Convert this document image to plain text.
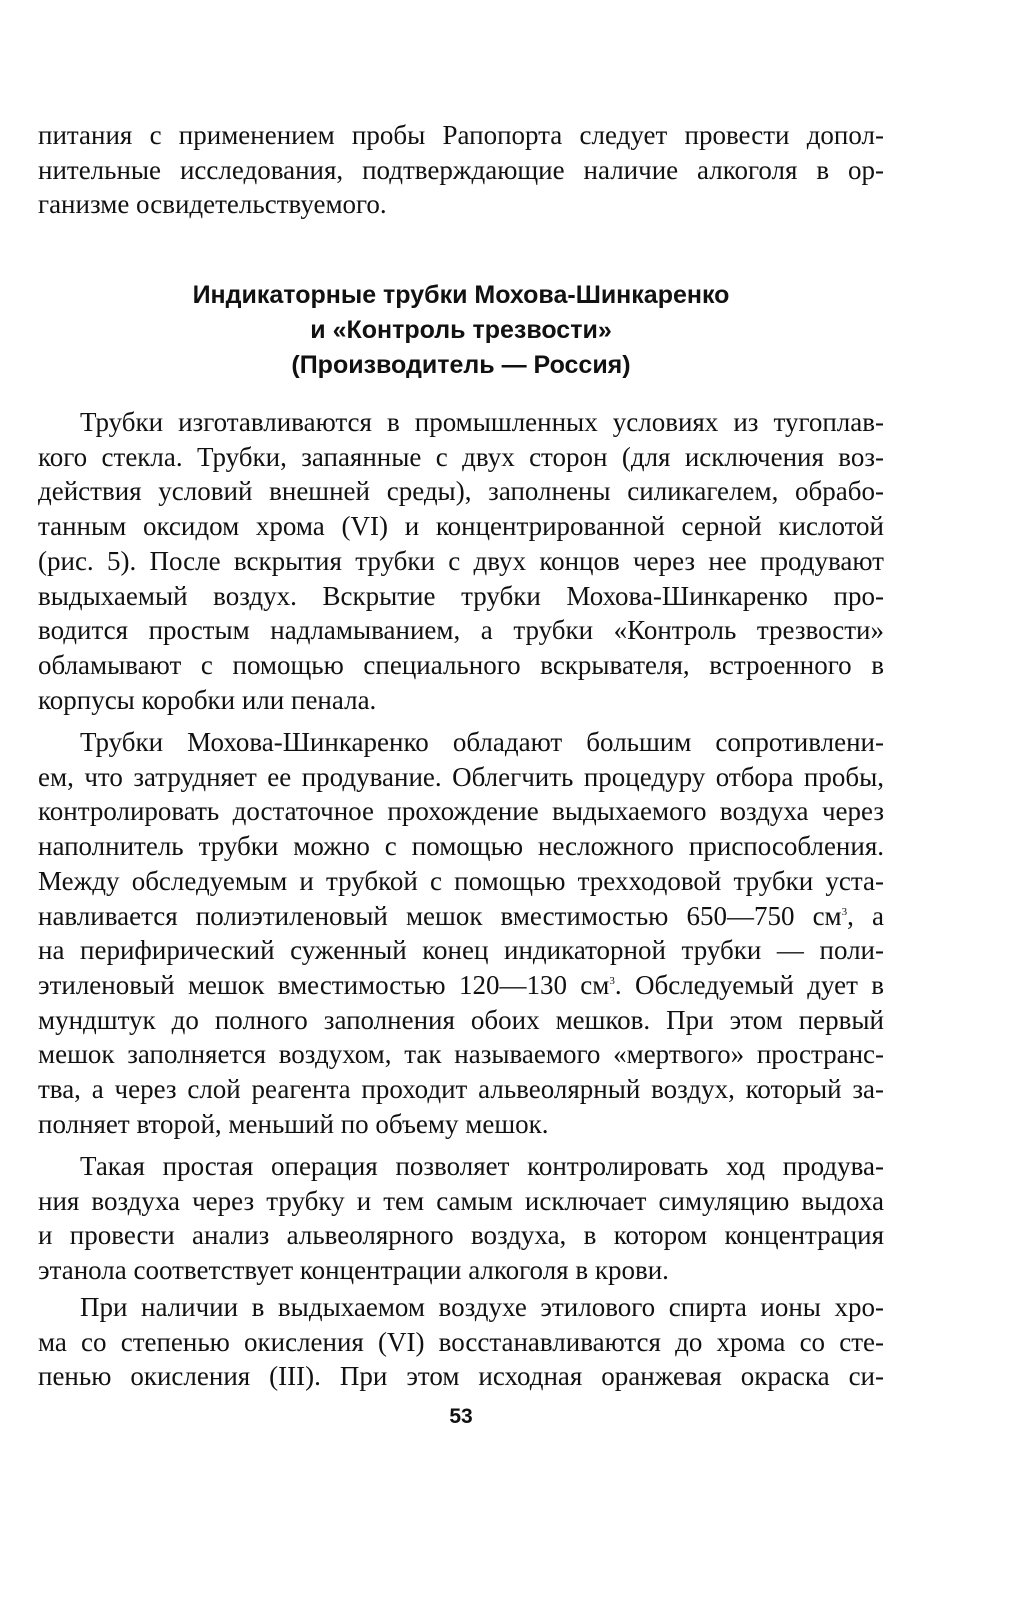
питания с применением пробы Рапопорта следует провести допол-
нительные исследования, подтверждающие наличие алкоголя в ор-
ганизме освидетельствуемого.
Индикаторные трубки Мохова-Шинкаренко
и «Контроль трезвости»
(Производитель — Россия)
Трубки изготавливаются в промышленных условиях из тугоплав-
кого стекла. Трубки, запаянные с двух сторон (для исключения воз-
действия условий внешней среды), заполнены силикагелем, обрабо-
танным оксидом хрома (VI) и концентрированной серной кислотой
(рис. 5). После вскрытия трубки с двух концов через нее продувают
выдыхаемый воздух. Вскрытие трубки Мохова-Шинкаренко про-
водится простым надламыванием, а трубки «Контроль трезвости»
обламывают с помощью специального вскрывателя, встроенного в
корпусы коробки или пенала.
Трубки Мохова-Шинкаренко обладают большим сопротивлени-
ем, что затрудняет ее продувание. Облегчить процедуру отбора пробы,
контролировать достаточное прохождение выдыхаемого воздуха через
наполнитель трубки можно с помощью несложного приспособления.
Между обследуемым и трубкой с помощью трехходовой трубки уста-
навливается полиэтиленовый мешок вместимостью 650—750 $см^3$, а
на перифирический суженный конец индикаторной трубки — поли-
этиленовый мешок вместимостью 120—130 $см^3$. Обследуемый дует в
мундштук до полного заполнения обоих мешков. При этом первый
мешок заполняется воздухом, так называемого «мертвого» пространс-
тва, а через слой реагента проходит альвеолярный воздух, который за-
полняет второй, меньший по объему мешок.
Такая простая операция позволяет контролировать ход продува-
ния воздуха через трубку и тем самым исключает симуляцию выдоха
и провести анализ альвеолярного воздуха, в котором концентрация
этанола соответствует концентрации алкоголя в крови.
При наличии в выдыхаемом воздухе этилового спирта ионы хро-
ма со степенью окисления (VI) восстанавливаются до хрома со сте-
пенью окисления (III). При этом исходная оранжевая окраска си-
53
